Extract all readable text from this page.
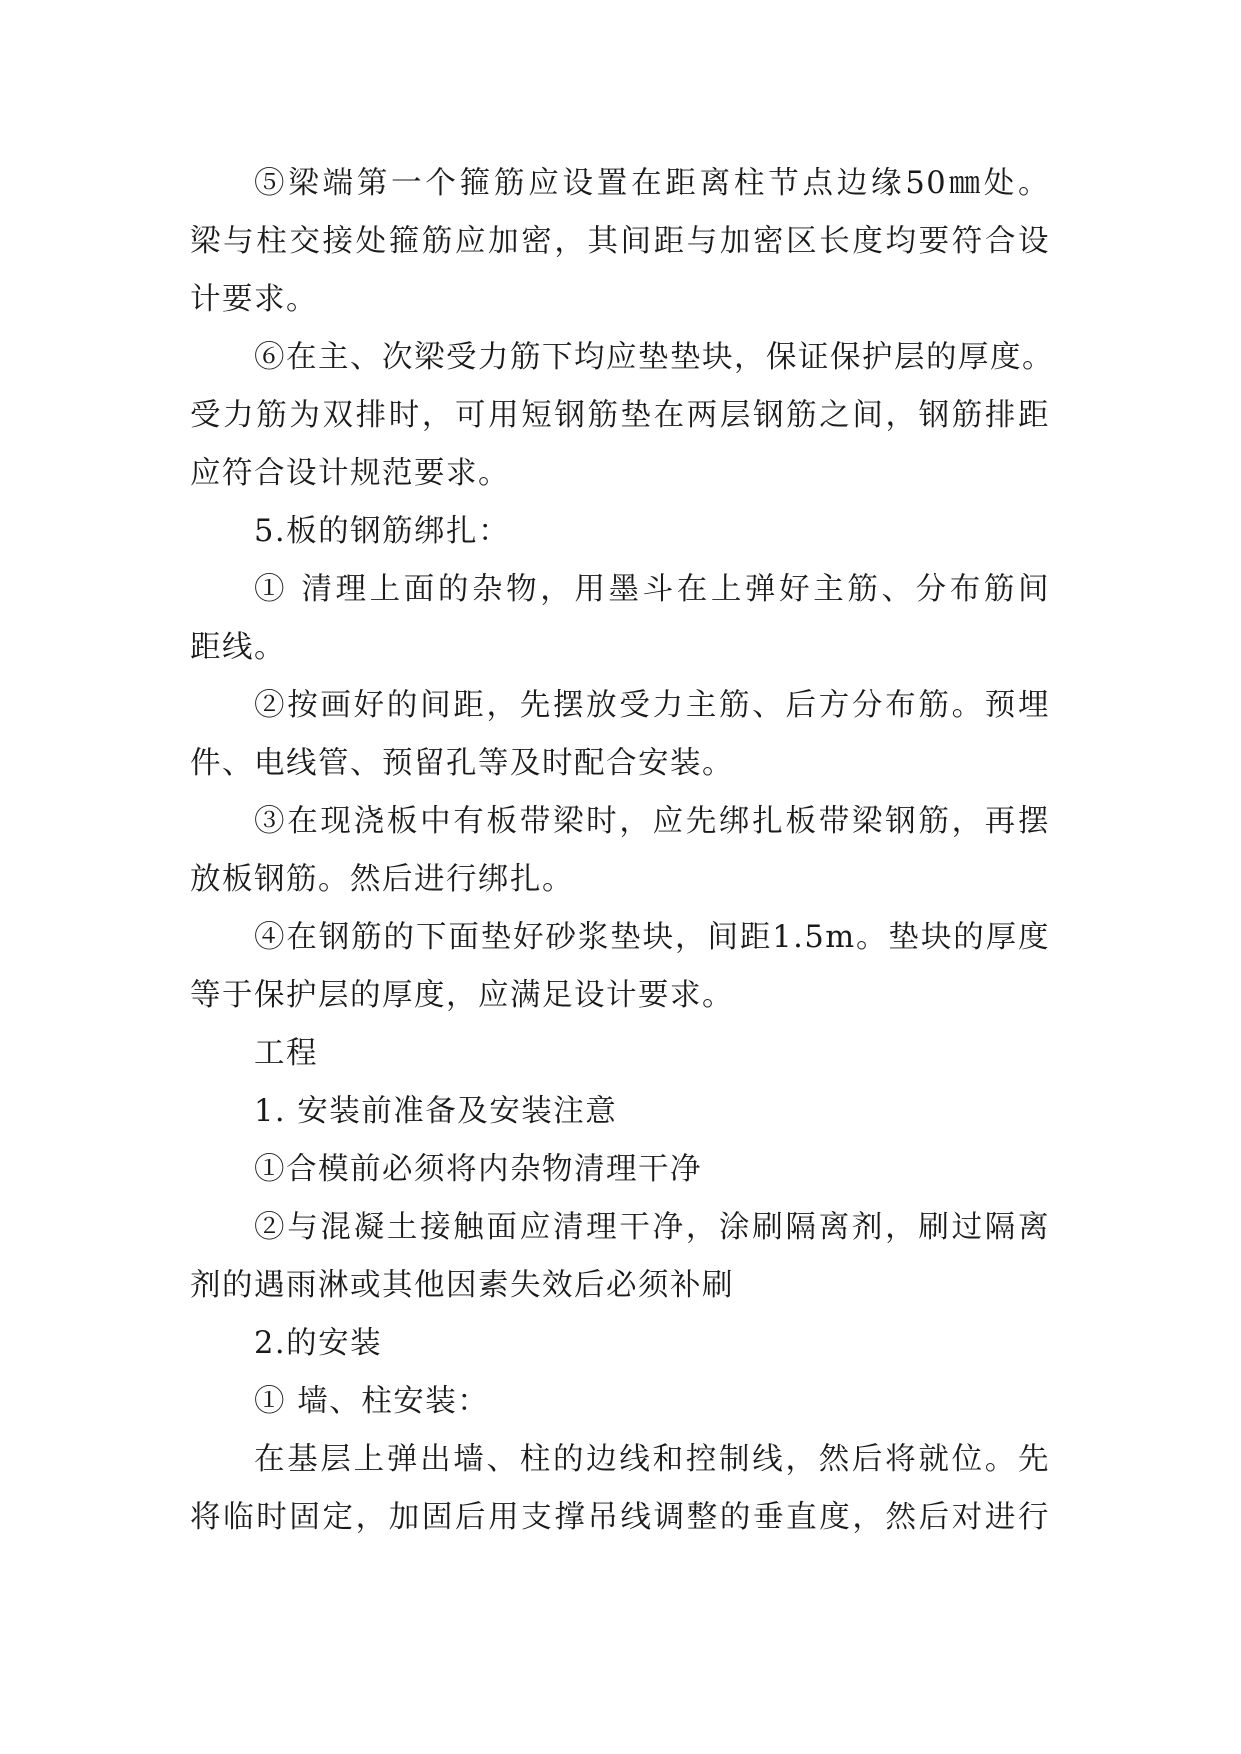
⑤梁端第一个箍筋应设置在距离柱节点边缘50㎜处。
梁与柱交接处箍筋应加密，其间距与加密区长度均要符合设
计要求。
⑥在主、次梁受力筋下均应垫垫块，保证保护层的厚度。
受力筋为双排时，可用短钢筋垫在两层钢筋之间，钢筋排距
应符合设计规范要求。
5.板的钢筋绑扎：
① 清理上面的杂物，用墨斗在上弹好主筋、分布筋间
距线。
②按画好的间距，先摆放受力主筋、后方分布筋。预埋
件、电线管、预留孔等及时配合安装。
③在现浇板中有板带梁时，应先绑扎板带梁钢筋，再摆
放板钢筋。然后进行绑扎。
④在钢筋的下面垫好砂浆垫块，间距1.5m。垫块的厚度
等于保护层的厚度，应满足设计要求。
工程
1. 安装前准备及安装注意
①合模前必须将内杂物清理干净
②与混凝土接触面应清理干净，涂刷隔离剂，刷过隔离
剂的遇雨淋或其他因素失效后必须补刷
2.的安装
① 墙、柱安装：
在基层上弹出墙、柱的边线和控制线，然后将就位。先
将临时固定，加固后用支撑吊线调整的垂直度，然后对进行
